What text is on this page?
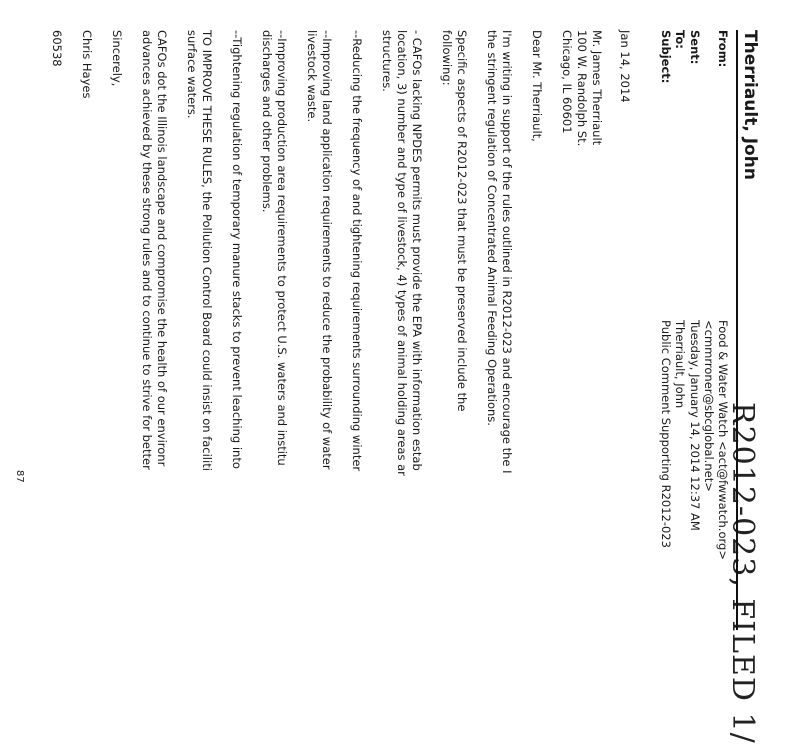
R2012-023, FILED 1/
Therriault, John
From:
Sent:
To:
Subject:
Food & Water Watch <act@fwwatch.org>
<cmmrroner@sbcglobal.net>
Tuesday, January 14, 2014 12:37 AM
Therriault, John
Public Comment Supporting R2012-023
Jan 14, 2014
Mr. James Therriault
100 W. Randolph St.
Chicago, IL 60601
Dear Mr. Therriault,
I'm writing in support of the rules outlined in R2012-023 and encourage the I
the stringent regulation of Concentrated Animal Feeding Operations.
Specific aspects of R2012-023 that must be preserved include the
following:
- CAFOs lacking NPDES permits must provide the EPA with information estab
location, 3) number and type of livestock, 4) types of animal holding areas ar
structures.
--Reducing the frequency of and tightening requirements surrounding winter
--Improving land application requirements to reduce the probability of water
livestock waste.
--Improving production area requirements to protect U.S. waters and institu
discharges and other problems.
--Tightening regulation of temporary manure stacks to prevent leaching into
TO IMPROVE THESE RULES, the Pollution Control Board could insist on faciliti
surface waters.
CAFOs dot the Illinois landscape and compromise the health of our environr
advances achieved by these strong rules and to continue to strive for better
Sincerely,
Chris Hayes
60538
87
